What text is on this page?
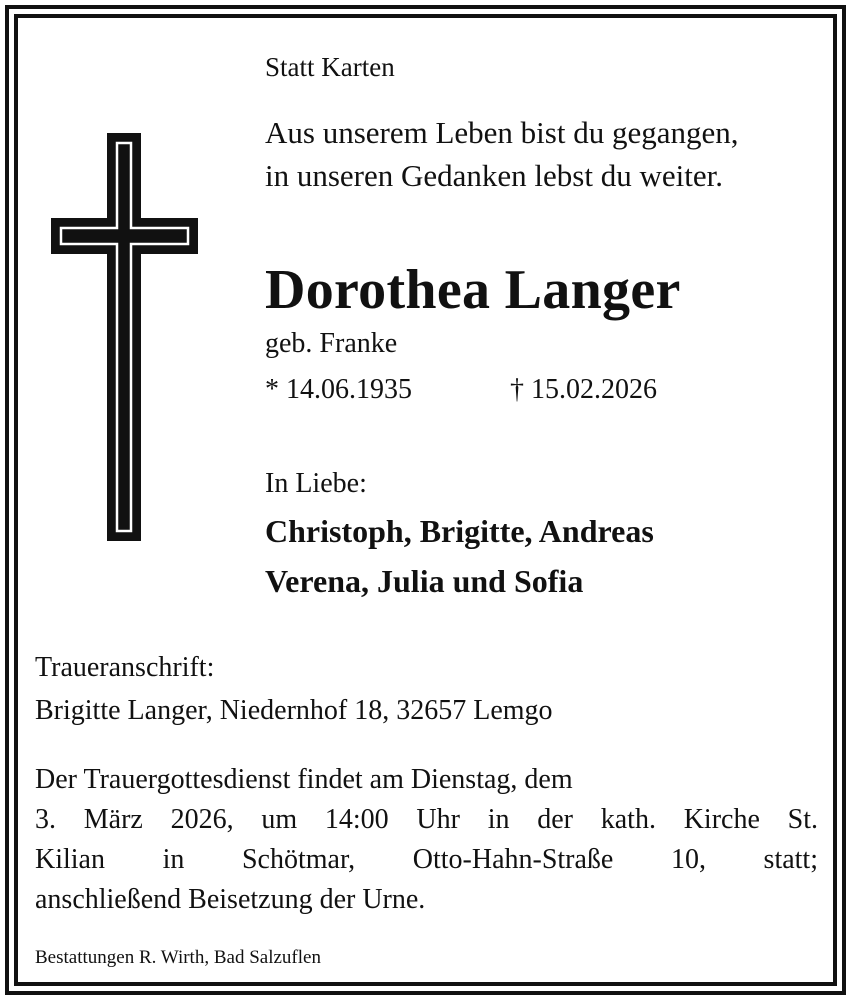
Statt Karten
Aus unserem Leben bist du gegangen,
in unseren Gedanken lebst du weiter.
Dorothea Langer
geb. Franke
* 14.06.1935	† 15.02.2026
In Liebe:
Christoph, Brigitte, Andreas
Verena, Julia und Sofia
Traueranschrift:
Brigitte Langer, Niedernhof 18, 32657 Lemgo

Der Trauergottesdienst findet am Dienstag, dem
3. März 2026, um 14:00 Uhr in der kath. Kirche St.
Kilian in Schötmar, Otto-Hahn-Straße 10, statt;
anschließend Beisetzung der Urne.

Bestattungen R. Wirth, Bad Salzuflen
